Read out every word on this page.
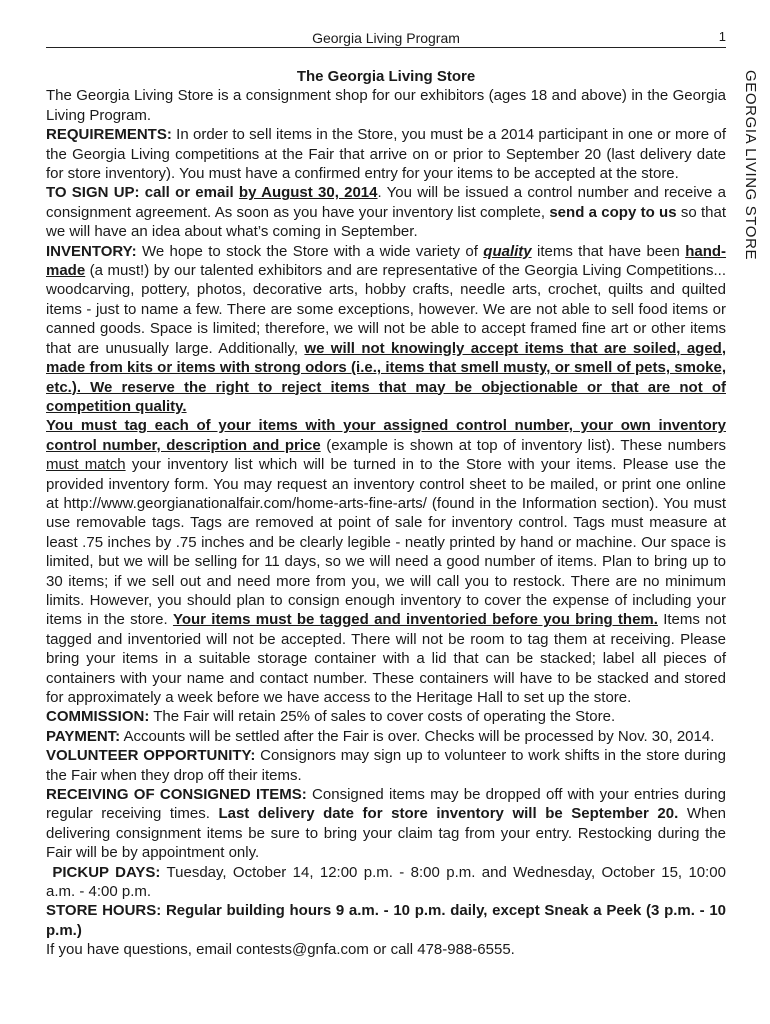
Georgia Living Program	1
GEORGIA LIVING STORE
The Georgia Living Store

The Georgia Living Store is a consignment shop for our exhibitors (ages 18 and above) in the Georgia Living Program.

REQUIREMENTS: In order to sell items in the Store, you must be a 2014 participant in one or more of the Georgia Living competitions at the Fair that arrive on or prior to September 20 (last delivery date for store inventory). You must have a confirmed entry for your items to be accepted at the store.

TO SIGN UP: call or email by August 30, 2014. You will be issued a control number and receive a consignment agreement. As soon as you have your inventory list complete, send a copy to us so that we will have an idea about what’s coming in September.

INVENTORY: We hope to stock the Store with a wide variety of quality items that have been hand-made (a must!) by our talented exhibitors and are representative of the Georgia Living Competitions... woodcarving, pottery, photos, decorative arts, hobby crafts, needle arts, crochet, quilts and quilted items - just to name a few. There are some exceptions, however. We are not able to sell food items or canned goods. Space is limited; therefore, we will not be able to accept framed fine art or other items that are unusually large. Additionally, we will not knowingly accept items that are soiled, aged, made from kits or items with strong odors (i.e., items that smell musty, or smell of pets, smoke, etc.). We reserve the right to reject items that may be objectionable or that are not of competition quality.

You must tag each of your items with your assigned control number, your own inventory control number, description and price (example is shown at top of inventory list). These numbers must match your inventory list which will be turned in to the Store with your items. Please use the provided inventory form. You may request an inventory control sheet to be mailed, or print one online at http://www.georgianationalfair.com/home-arts-fine-arts/ (found in the Information section). You must use removable tags. Tags are removed at point of sale for inventory control. Tags must measure at least .75 inches by .75 inches and be clearly legible - neatly printed by hand or machine. Our space is limited, but we will be selling for 11 days, so we will need a good number of items. Plan to bring up to 30 items; if we sell out and need more from you, we will call you to restock. There are no minimum limits. However, you should plan to consign enough inventory to cover the expense of including your items in the store. Your items must be tagged and inventoried before you bring them. Items not tagged and inventoried will not be accepted. There will not be room to tag them at receiving. Please bring your items in a suitable storage container with a lid that can be stacked; label all pieces of containers with your name and contact number. These containers will have to be stacked and stored for approximately a week before we have access to the Heritage Hall to set up the store.

COMMISSION: The Fair will retain 25% of sales to cover costs of operating the Store.

PAYMENT: Accounts will be settled after the Fair is over. Checks will be processed by Nov. 30, 2014.

VOLUNTEER OPPORTUNITY: Consignors may sign up to volunteer to work shifts in the store during the Fair when they drop off their items.

RECEIVING OF CONSIGNED ITEMS: Consigned items may be dropped off with your entries during regular receiving times. Last delivery date for store inventory will be September 20. When delivering consignment items be sure to bring your claim tag from your entry. Restocking during the Fair will be by appointment only.

PICKUP DAYS: Tuesday, October 14, 12:00 p.m. - 8:00 p.m. and Wednesday, October 15, 10:00 a.m. - 4:00 p.m.

STORE HOURS: Regular building hours 9 a.m. - 10 p.m. daily, except Sneak a Peek (3 p.m. - 10 p.m.)

If you have questions, email contests@gnfa.com or call 478-988-6555.
